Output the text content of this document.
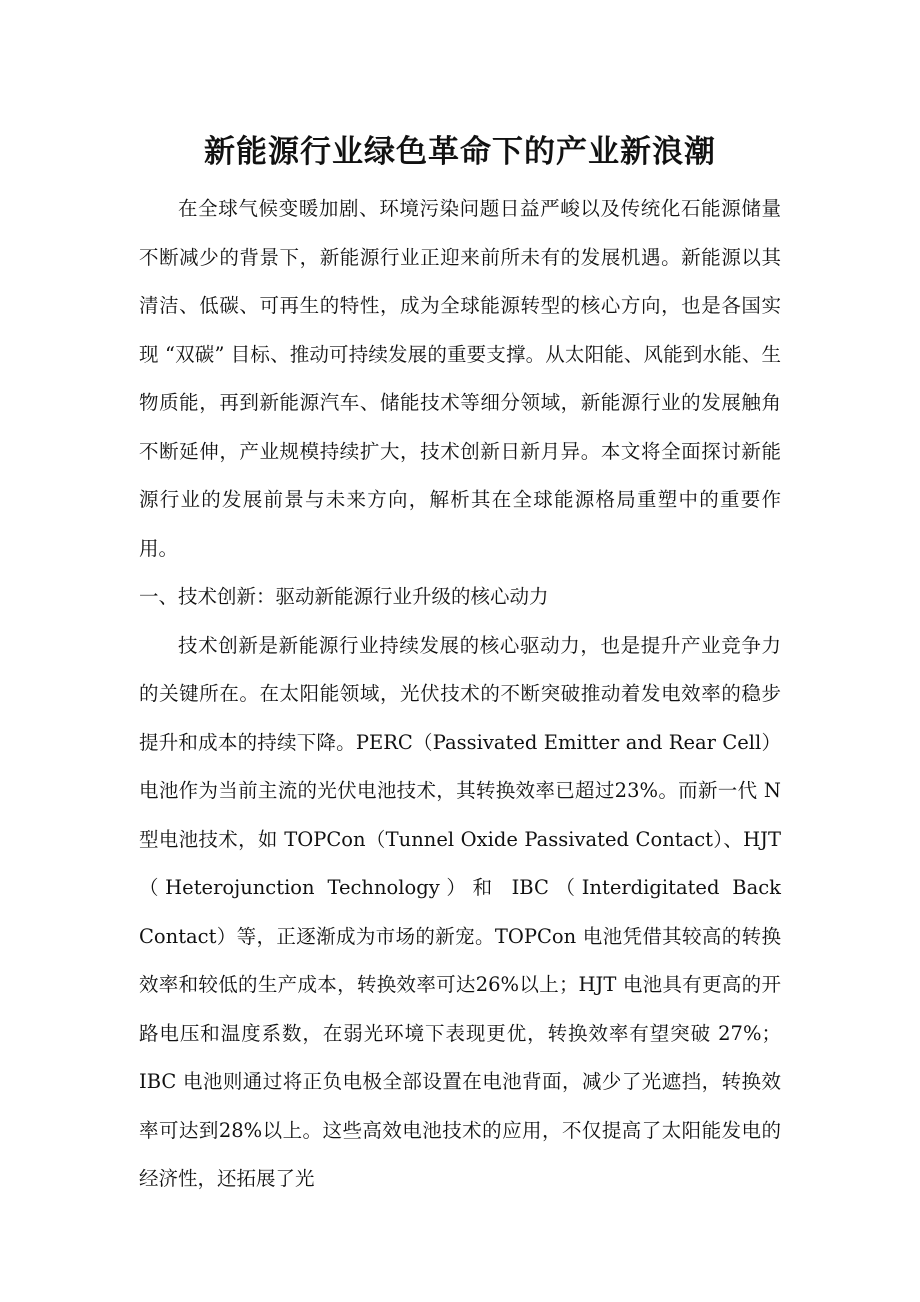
新能源行业绿色革命下的产业新浪潮

在全球气候变暖加剧、环境污染问题日益严峻以及传统化石能源储量不断减少的背景下，新能源行业正迎来前所未有的发展机遇。新能源以其清洁、低碳、可再生的特性，成为全球能源转型的核心方向，也是各国实现 “双碳” 目标、推动可持续发展的重要支撑。从太阳能、风能到水能、生物质能，再到新能源汽车、储能技术等细分领域，新能源行业的发展触角不断延伸，产业规模持续扩大，技术创新日新月异。本文将全面探讨新能源行业的发展前景与未来方向，解析其在全球能源格局重塑中的重要作用。

一、技术创新：驱动新能源行业升级的核心动力

技术创新是新能源行业持续发展的核心驱动力，也是提升产业竞争力的关键所在。在太阳能领域，光伏技术的不断突破推动着发电效率的稳步提升和成本的持续下降。PERC（Passivated Emitter and Rear Cell）电池作为当前主流的光伏电池技术，其转换效率已超过23%。而新一代 N 型电池技术，如 TOPCon（Tunnel Oxide Passivated Contact）、HJT（Heterojunction Technology）和 IBC（Interdigitated Back Contact）等，正逐渐成为市场的新宠。TOPCon 电池凭借其较高的转换效率和较低的生产成本，转换效率可达26%以上；HJT 电池具有更高的开路电压和温度系数，在弱光环境下表现更优，转换效率有望突破 27%；IBC 电池则通过将正负电极全部设置在电池背面，减少了光遮挡，转换效率可达到28%以上。这些高效电池技术的应用，不仅提高了太阳能发电的经济性，还拓展了光
